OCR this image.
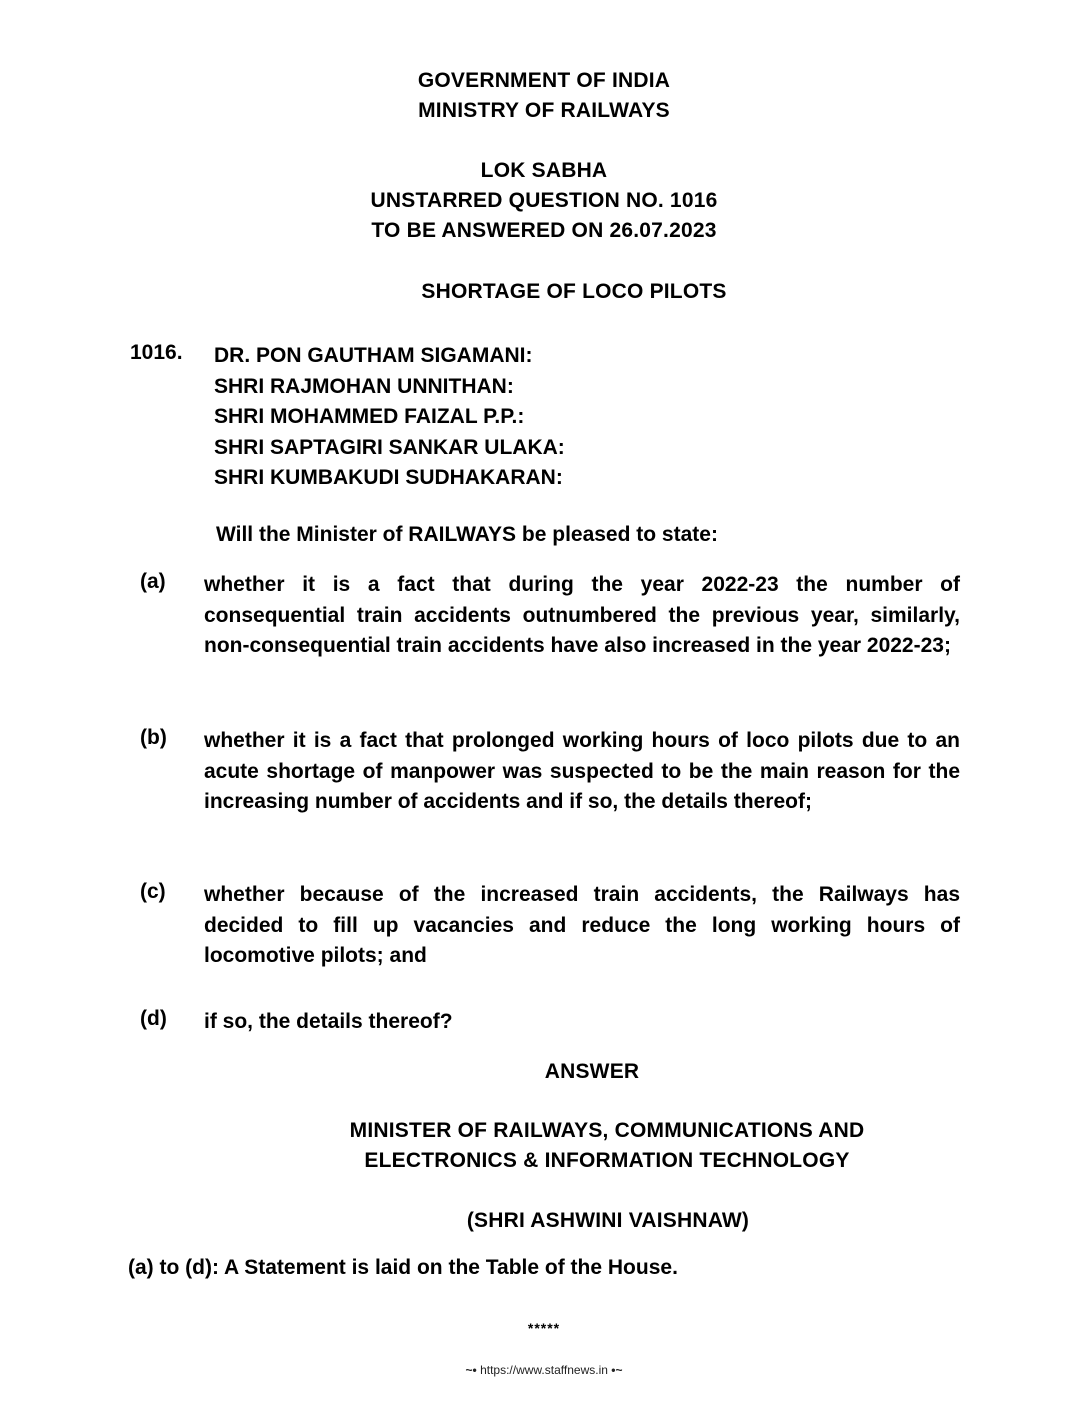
GOVERNMENT OF INDIA
MINISTRY OF RAILWAYS
LOK SABHA
UNSTARRED QUESTION NO. 1016
TO BE ANSWERED ON 26.07.2023
SHORTAGE OF LOCO PILOTS
1016. DR. PON GAUTHAM SIGAMANI:
SHRI RAJMOHAN UNNITHAN:
SHRI MOHAMMED FAIZAL P.P.:
SHRI SAPTAGIRI SANKAR ULAKA:
SHRI KUMBAKUDI SUDHAKARAN:
Will the Minister of RAILWAYS be pleased to state:
(a) whether it is a fact that during the year 2022-23 the number of consequential train accidents outnumbered the previous year, similarly, non-consequential train accidents have also increased in the year 2022-23;
(b) whether it is a fact that prolonged working hours of loco pilots due to an acute shortage of manpower was suspected to be the main reason for the increasing number of accidents and if so, the details thereof;
(c) whether because of the increased train accidents, the Railways has decided to fill up vacancies and reduce the long working hours of locomotive pilots; and
(d) if so, the details thereof?
ANSWER
MINISTER OF RAILWAYS, COMMUNICATIONS AND
ELECTRONICS & INFORMATION TECHNOLOGY
(SHRI ASHWINI VAISHNAW)
(a) to (d): A Statement is laid on the Table of the House.
*****
~• https://www.staffnews.in •~
